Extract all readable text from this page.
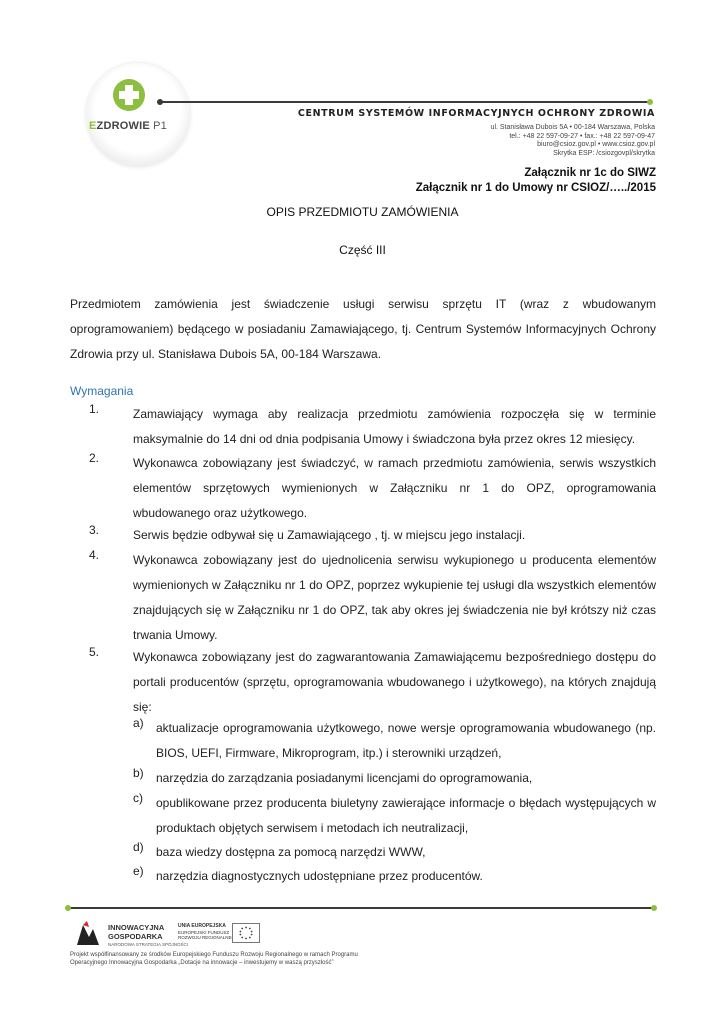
EZDROWIE P1
CENTRUM SYSTEMÓW INFORMACYJNYCH OCHRONY ZDROWIA
ul. Stanisława Dubois 5A • 00-184 Warszawa, Polska
tel.: +48 22 597-09-27 • fax.: +48 22 597-09-47
biuro@csioz.gov.pl • www.csioz.gov.pl
Skrytka ESP: /csiozgovpl/skrytka
Załącznik nr 1c do SIWZ
Załącznik nr 1 do Umowy nr CSIOZ/…../2015
OPIS PRZEDMIOTU ZAMÓWIENIA
Część III
Przedmiotem zamówienia jest świadczenie usługi serwisu sprzętu IT (wraz z wbudowanym oprogramowaniem) będącego w posiadaniu Zamawiającego, tj. Centrum Systemów Informacyjnych Ochrony Zdrowia przy ul. Stanisława Dubois 5A, 00-184 Warszawa.
Wymagania
1.	Zamawiający wymaga aby realizacja przedmiotu zamówienia rozpoczęła się w terminie maksymalnie do 14 dni od dnia podpisania Umowy i świadczona była przez okres 12 miesięcy.
2.	Wykonawca zobowiązany jest świadczyć, w ramach przedmiotu zamówienia, serwis wszystkich elementów sprzętowych wymienionych w Załączniku nr 1 do OPZ, oprogramowania wbudowanego oraz użytkowego.
3.	Serwis będzie odbywał się u Zamawiającego , tj. w miejscu jego instalacji.
4.	Wykonawca zobowiązany jest do ujednolicenia serwisu wykupionego u producenta elementów wymienionych w Załączniku nr 1 do OPZ, poprzez wykupienie tej usługi dla wszystkich elementów znajdujących się w Załączniku nr 1 do OPZ, tak aby okres jej świadczenia nie był krótszy niż czas trwania Umowy.
5.	Wykonawca zobowiązany jest do zagwarantowania Zamawiającemu bezpośredniego dostępu do portali producentów (sprzętu, oprogramowania wbudowanego i użytkowego), na których znajdują się:
a) aktualizacje oprogramowania użytkowego, nowe wersje oprogramowania wbudowanego (np. BIOS, UEFI, Firmware, Mikroprogram, itp.) i sterowniki urządzeń,
b) narzędzia do zarządzania posiadanymi licencjami do oprogramowania,
c) opublikowane przez producenta biuletyny zawierające informacje o błędach występujących w produktach objętych serwisem i metodach ich neutralizacji,
d) baza wiedzy dostępna za pomocą narzędzi WWW,
e) narzędzia diagnostycznych udostępniane przez producentów.
INNOWACYJNA
GOSPODARKA
NARODOWA STRATEGIA SPÓJNOŚCI
UNIA EUROPEJSKA
EUROPEJSKI FUNDUSZ
ROZWOJU REGIONALNEGO
Projekt współfinansowany ze środków Europejskiego Funduszu Rozwoju Regionalnego w ramach Programu
Operacyjnego Innowacyjna Gospodarka „Dotacje na innowacje – inwestujemy w waszą przyszłość”
